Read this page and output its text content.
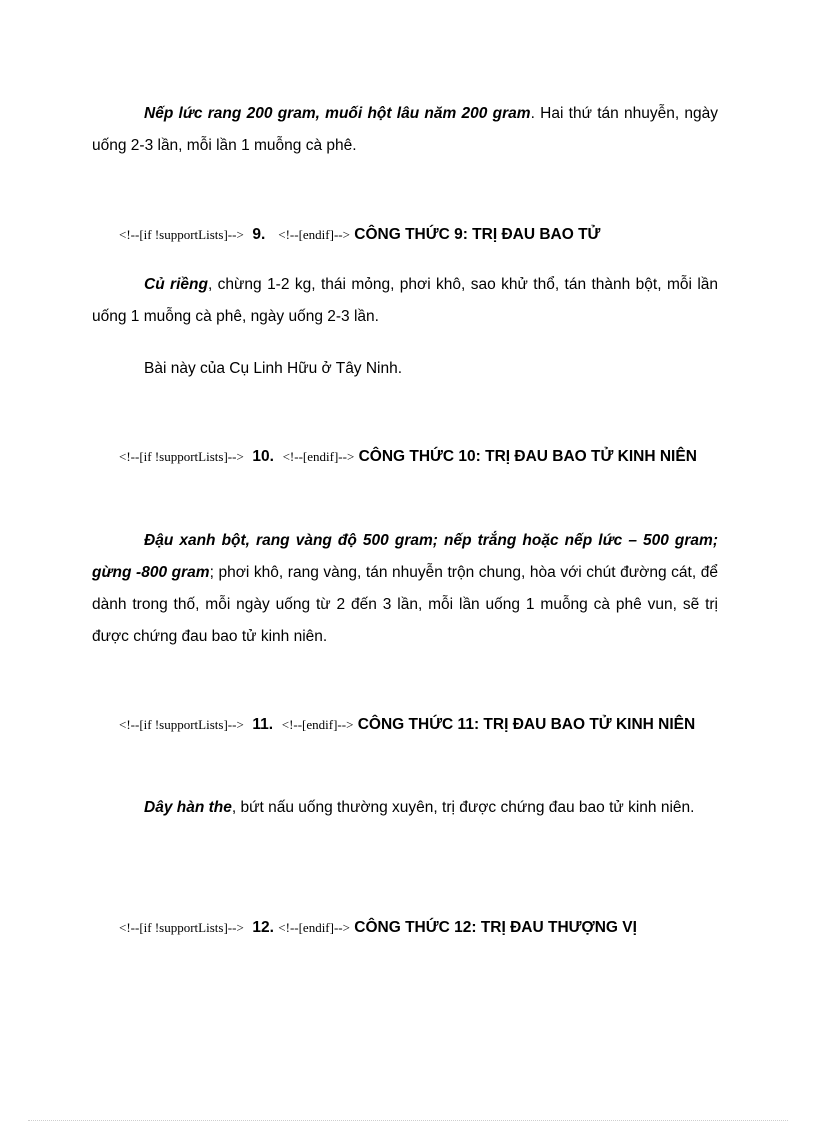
Nếp lức rang 200 gram, muối hột lâu năm 200 gram. Hai thứ tán nhuyễn, ngày uống 2-3 lần, mỗi lần 1 muỗng cà phê.

<!--[if !supportLists]--> 9. <!--[endif]--> CÔNG THỨC 9: TRỊ ĐAU BAO TỬ

Củ riềng, chừng 1-2 kg, thái mỏng, phơi khô, sao khử thổ, tán thành bột, mỗi lần uống 1 muỗng cà phê, ngày uống 2-3 lần.

Bài này của Cụ Linh Hữu ở Tây Ninh.

<!--[if !supportLists]--> 10. <!--[endif]--> CÔNG THỨC 10: TRỊ ĐAU BAO TỬ KINH NIÊN

Đậu xanh bột, rang vàng độ 500 gram; nếp trắng hoặc nếp lức – 500 gram; gừng -800 gram; phơi khô, rang vàng, tán nhuyễn trộn chung, hòa với chút đường cát, để dành trong thố, mỗi ngày uống từ 2 đến 3 lần, mỗi lần uống 1 muỗng cà phê vun, sẽ trị được chứng đau bao tử kinh niên.

<!--[if !supportLists]--> 11. <!--[endif]--> CÔNG THỨC 11: TRỊ ĐAU BAO TỬ KINH NIÊN

Dây hàn the, bứt nấu uống thường xuyên, trị được chứng đau bao tử kinh niên.

<!--[if !supportLists]--> 12. <!--[endif]--> CÔNG THỨC 12: TRỊ ĐAU THƯỢNG VỊ
